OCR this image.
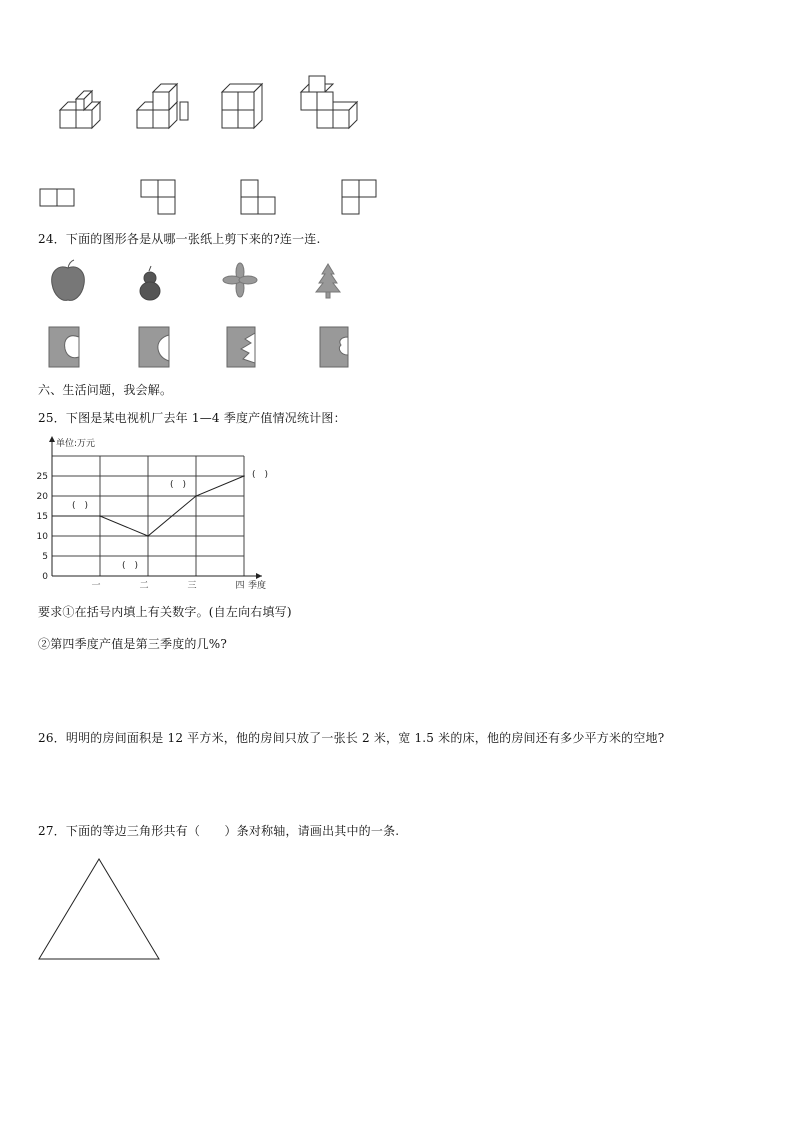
24．下面的图形各是从哪一张纸上剪下来的?连一连.
六、生活问题，我会解。
25．下图是某电视机厂去年 1—4 季度产值情况统计图：
0
5
10
15
20
25
单位:万元
季度
一	二	三	四
(　)
(　)
(　)
(　)
要求①在括号内填上有关数字。(自左向右填写)
②第四季度产值是第三季度的几%?
26．明明的房间面积是 12 平方米，他的房间只放了一张长 2 米，宽 1.5 米的床，他的房间还有多少平方米的空地?
27．下面的等边三角形共有（　　）条对称轴，请画出其中的一条.
